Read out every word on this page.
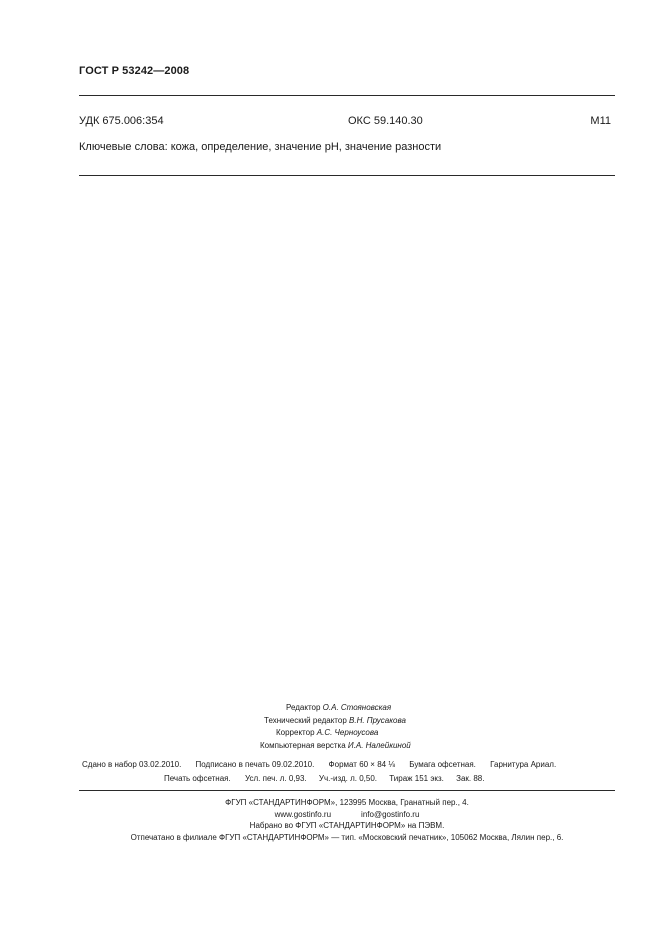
ГОСТ Р 53242—2008
УДК 675.006:354	ОКС 59.140.30	М11
Ключевые слова: кожа, определение, значение рН, значение разности
Редактор О.А. Стояновская
Технический редактор В.Н. Прусакова
Корректор А.С. Черноусова
Компьютерная верстка И.А. Налейкиной
Сдано в набор 03.02.2010. Подписано в печать 09.02.2010. Формат 60 × 84 ⅛ Бумага офсетная. Гарнитура Ариал.
Печать офсетная. Усл. печ. л. 0,93. Уч.-изд. л. 0,50. Тираж 151 экз. Зак. 88.
ФГУП «СТАНДАРТИНФОРМ», 123995 Москва, Гранатный пер., 4.
www.gostinfo.ru	info@gostinfo.ru
Набрано во ФГУП «СТАНДАРТИНФОРМ» на ПЭВМ.
Отпечатано в филиале ФГУП «СТАНДАРТИНФОРМ» — тип. «Московский печатник», 105062 Москва, Лялин пер., 6.
